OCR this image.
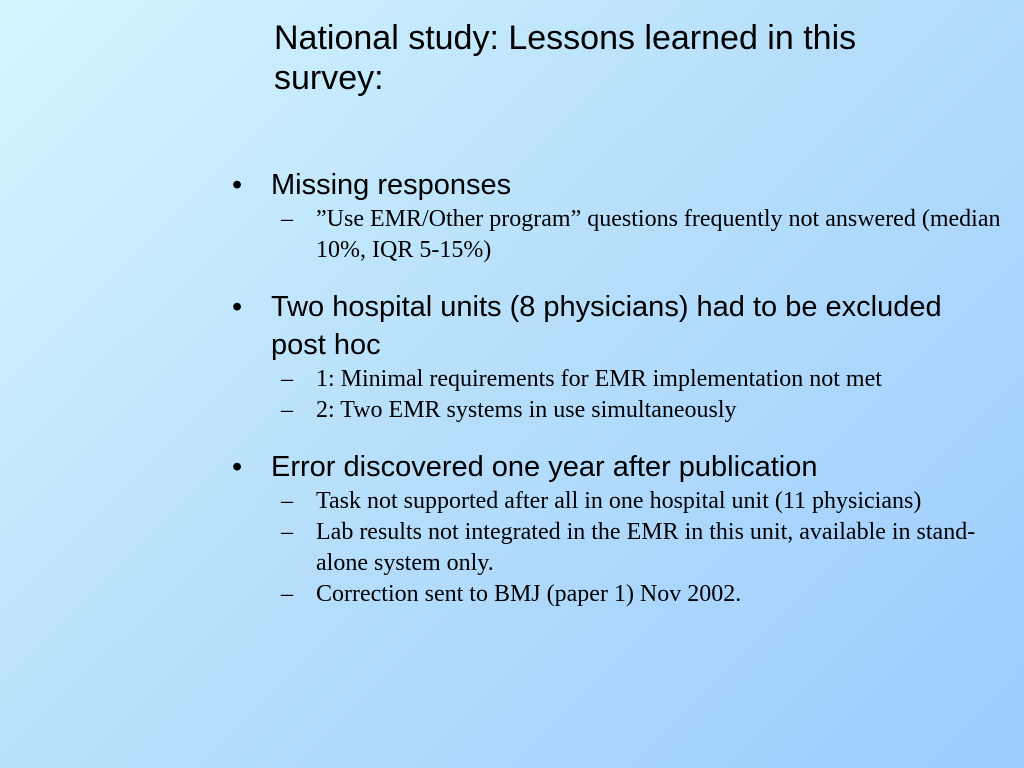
National study: Lessons learned in this survey:
• Missing responses
– ”Use EMR/Other program” questions frequently not answered (median 10%, IQR 5-15%)
• Two hospital units (8 physicians) had to be excluded post hoc
– 1: Minimal requirements for EMR implementation not met
– 2: Two EMR systems in use simultaneously
• Error discovered one year after publication
– Task not supported after all in one hospital unit (11 physicians)
– Lab results not integrated in the EMR in this unit, available in stand-alone system only.
– Correction sent to BMJ (paper 1) Nov 2002.
